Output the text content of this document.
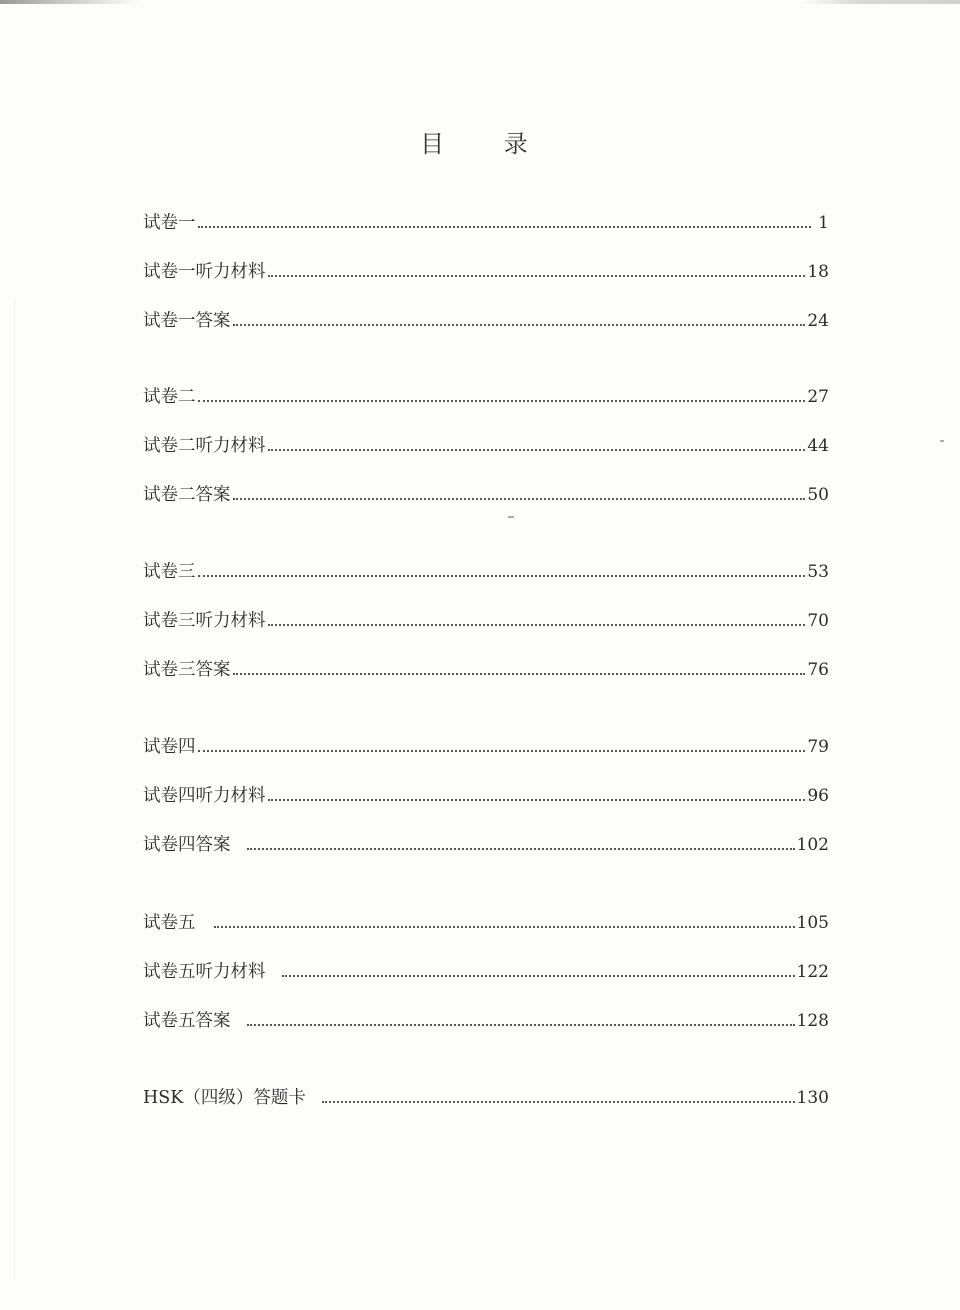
目 录
试卷一	1
试卷一听力材料	18
试卷一答案	24
试卷二	27
试卷二听力材料	44
试卷二答案	50
试卷三	53
试卷三听力材料	70
试卷三答案	76
试卷四	79
试卷四听力材料	96
试卷四答案	102
试卷五	105
试卷五听力材料	122
试卷五答案	128
HSK（四级）答题卡	130
